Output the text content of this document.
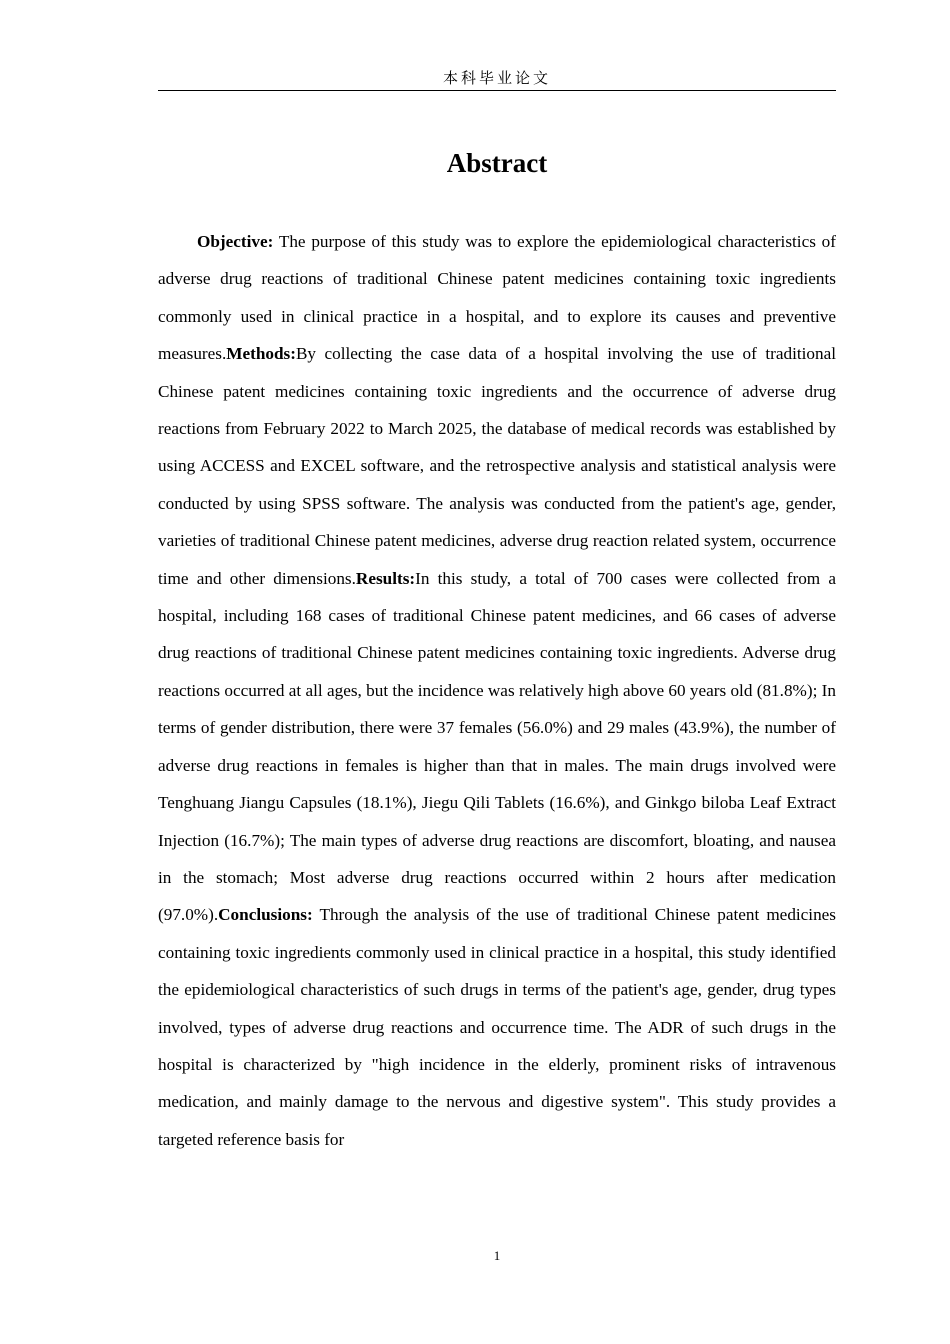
本科毕业论文
Abstract

Objective: The purpose of this study was to explore the epidemiological characteristics of adverse drug reactions of traditional Chinese patent medicines containing toxic ingredients commonly used in clinical practice in a hospital, and to explore its causes and preventive measures.Methods:By collecting the case data of a hospital involving the use of traditional Chinese patent medicines containing toxic ingredients and the occurrence of adverse drug reactions from February 2022 to March 2025, the database of medical records was established by using ACCESS and EXCEL software, and the retrospective analysis and statistical analysis were conducted by using SPSS software. The analysis was conducted from the patient's age, gender, varieties of traditional Chinese patent medicines, adverse drug reaction related system, occurrence time and other dimensions.Results:In this study, a total of 700 cases were collected from a hospital, including 168 cases of traditional Chinese patent medicines, and 66 cases of adverse drug reactions of traditional Chinese patent medicines containing toxic ingredients. Adverse drug reactions occurred at all ages, but the incidence was relatively high above 60 years old (81.8%); In terms of gender distribution, there were 37 females (56.0%) and 29 males (43.9%), the number of adverse drug reactions in females is higher than that in males. The main drugs involved were Tenghuang Jiangu Capsules (18.1%), Jiegu Qili Tablets (16.6%), and Ginkgo biloba Leaf Extract Injection (16.7%); The main types of adverse drug reactions are discomfort, bloating, and nausea in the stomach; Most adverse drug reactions occurred within 2 hours after medication (97.0%).Conclusions: Through the analysis of the use of traditional Chinese patent medicines containing toxic ingredients commonly used in clinical practice in a hospital, this study identified the epidemiological characteristics of such drugs in terms of the patient's age, gender, drug types involved, types of adverse drug reactions and occurrence time. The ADR of such drugs in the hospital is characterized by "high incidence in the elderly, prominent risks of intravenous medication, and mainly damage to the nervous and digestive system". This study provides a targeted reference basis for

1
